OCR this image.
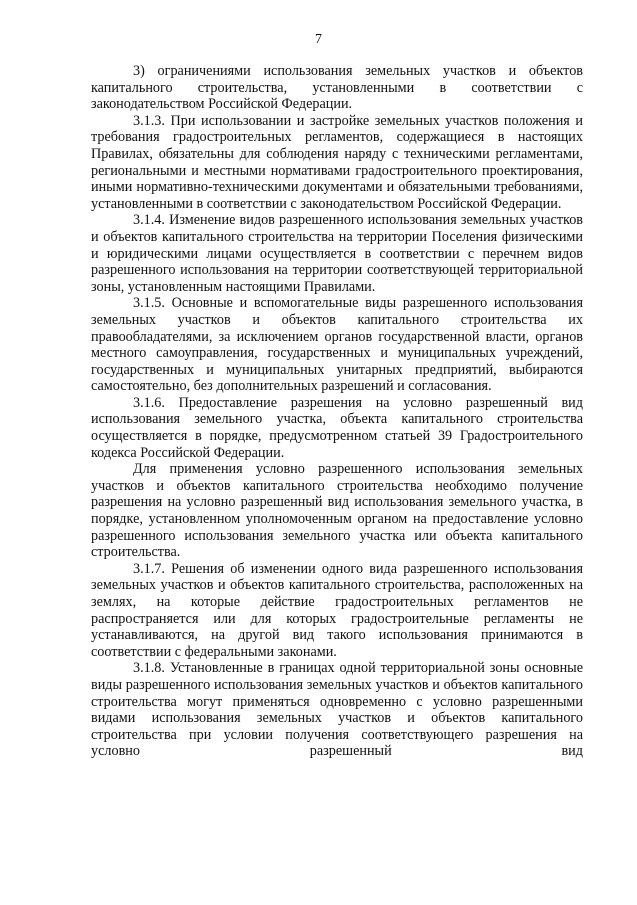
7

3) ограничениями использования земельных участков и объектов капитального строительства, установленными в соответствии с законодательством Российской Федерации.

3.1.3. При использовании и застройке земельных участков положения и требования градостроительных регламентов, содержащиеся в настоящих Правилах, обязательны для соблюдения наряду с техническими регламентами, региональными и местными нормативами градостроительного проектирования, иными нормативно-техническими документами и обязательными требованиями, установленными в соответствии с законодательством Российской Федерации.

3.1.4. Изменение видов разрешенного использования земельных участков и объектов капитального строительства на территории Поселения физическими и юридическими лицами осуществляется в соответствии с перечнем видов разрешенного использования на территории соответствующей территориальной зоны, установленным настоящими Правилами.

3.1.5. Основные и вспомогательные виды разрешенного использования земельных участков и объектов капитального строительства их правообладателями, за исключением органов государственной власти, органов местного самоуправления, государственных и муниципальных учреждений, государственных и муниципальных унитарных предприятий, выбираются самостоятельно, без дополнительных разрешений и согласования.

3.1.6. Предоставление разрешения на условно разрешенный вид использования земельного участка, объекта капитального строительства осуществляется в порядке, предусмотренном статьей 39 Градостроительного кодекса Российской Федерации.

Для применения условно разрешенного использования земельных участков и объектов капитального строительства необходимо получение разрешения на условно разрешенный вид использования земельного участка, в порядке, установленном уполномоченным органом на предоставление условно разрешенного использования земельного участка или объекта капитального строительства.

3.1.7. Решения об изменении одного вида разрешенного использования земельных участков и объектов капитального строительства, расположенных на землях, на которые действие градостроительных регламентов не распространяется или для которых градостроительные регламенты не устанавливаются, на другой вид такого использования принимаются в соответствии с федеральными законами.

3.1.8. Установленные в границах одной территориальной зоны основные виды разрешенного использования земельных участков и объектов капитального строительства могут применяться одновременно с условно разрешенными видами использования земельных участков и объектов капитального строительства при условии получения соответствующего разрешения на условно разрешенный вид
